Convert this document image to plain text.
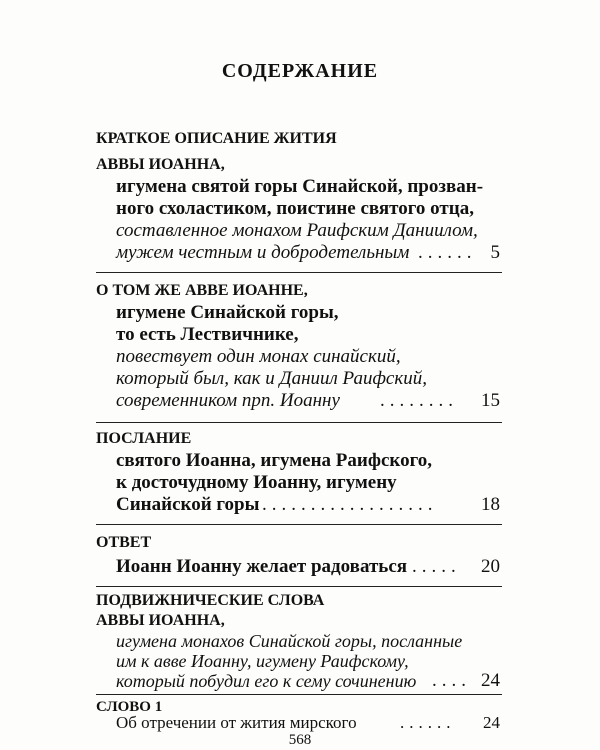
СОДЕРЖАНИЕ
КРАТКОЕ ОПИСАНИЕ ЖИТИЯ
АВВЫ ИОАННА,
игумена святой горы Синайской, прозван-
ного схоластиком, поистине святого отца,
составленное монахом Раифским Даниилом,
мужем честным и добродетельным ...... 5
О ТОМ ЖЕ АВВЕ ИОАННЕ,
игумене Синайской горы,
то есть Лествичнике,
повествует один монах синайский,
который был, как и Даниил Раифский,
современником прп. Иоанну ........	15
ПОСЛАНИЕ
святого Иоанна, игумена Раифского,
к досточудному Иоанну, игумену
Синайской горы ..................	18
ОТВЕТ
Иоанн Иоанну желает радоваться .....	20
ПОДВИЖНИЧЕСКИЕ СЛОВА
АВВЫ ИОАННА,
игумена монахов Синайской горы, посланные
им к авве Иоанну, игумену Раифскому,
который побудил его к сему сочинению .... 24
СЛОВО 1
Об отречении от жития мирского	......	24
568
